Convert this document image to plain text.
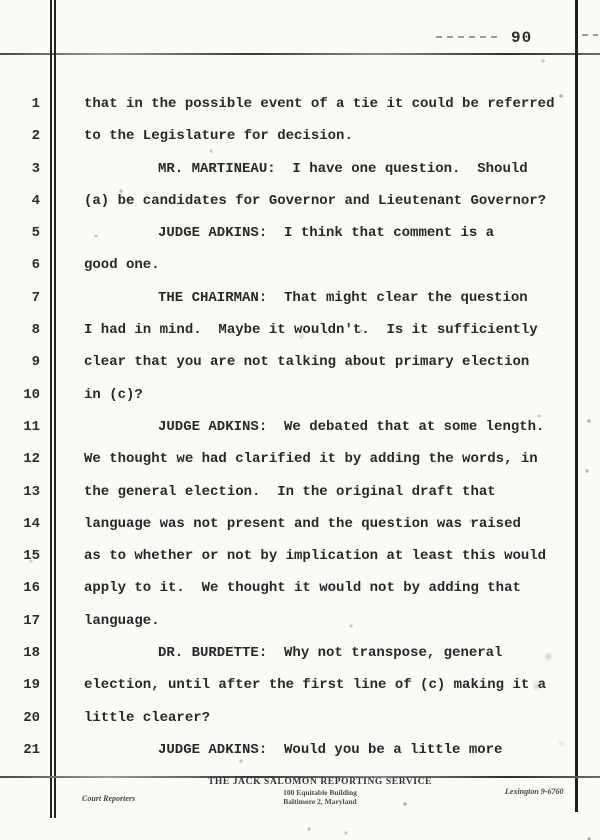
90
1	that in the possible event of a tie it could be referred
2	to the Legislature for decision.
3	MR. MARTINEAU:  I have one question.  Should
4	(a) be candidates for Governor and Lieutenant Governor?
5	JUDGE ADKINS:  I think that comment is a
6	good one.
7	THE CHAIRMAN:  That might clear the question
8	I had in mind.  Maybe it wouldn't.  Is it sufficiently
9	clear that you are not talking about primary election
10	in (c)?
11	JUDGE ADKINS:  We debated that at some length.
12	We thought we had clarified it by adding the words, in
13	the general election.  In the original draft that
14	language was not present and the question was raised
15	as to whether or not by implication at least this would
16	apply to it.  We thought it would not by adding that
17	language.
18	DR. BURDETTE:  Why not transpose, general
19	election, until after the first line of (c) making it a
20	little clearer?
21	JUDGE ADKINS:  Would you be a little more
Court Reporters
THE JACK SALOMON REPORTING SERVICE
100 Equitable Building
Baltimore 2, Maryland
Lexington 9-6760
